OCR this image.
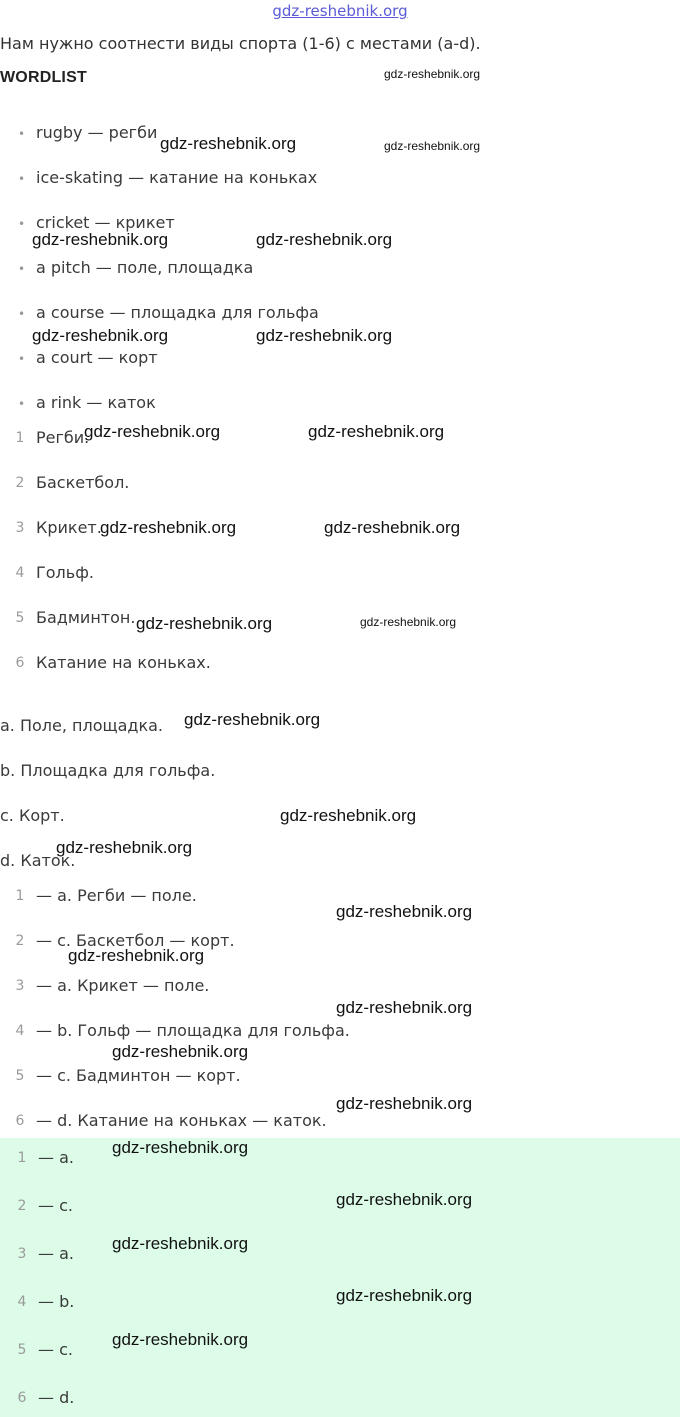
gdz-reshebnik.org
Нам нужно соотнести виды спорта (1-6) с местами (a-d).
WORDLIST
• rugby — регби
• ice-skating — катание на коньках
• cricket — крикет
• a pitch — поле, площадка
• a course — площадка для гольфа
• a court — корт
• a rink — каток
1 Регби.
2 Баскетбол.
3 Крикет.
4 Гольф.
5 Бадминтон.
6 Катание на коньках.
a. Поле, площадка.
b. Площадка для гольфа.
c. Корт.
d. Каток.
1 — a. Регби — поле.
2 — c. Баскетбол — корт.
3 — a. Крикет — поле.
4 — b. Гольф — площадка для гольфа.
5 — c. Бадминтон — корт.
6 — d. Катание на коньках — каток.
1 — a.
2 — c.
3 — a.
4 — b.
5 — c.
6 — d.
gdz-reshebnik.org
gdz-reshebnik.org	gdz-reshebnik.org
gdz-reshebnik.org	gdz-reshebnik.org
gdz-reshebnik.org	gdz-reshebnik.org
gdz-reshebnik.org	gdz-reshebnik.org
gdz-reshebnik.org	gdz-reshebnik.org
gdz-reshebnik.org	gdz-reshebnik.org
gdz-reshebnik.org
gdz-reshebnik.org
gdz-reshebnik.org
gdz-reshebnik.org
gdz-reshebnik.org
gdz-reshebnik.org
gdz-reshebnik.org
gdz-reshebnik.org
gdz-reshebnik.org
gdz-reshebnik.org
gdz-reshebnik.org
gdz-reshebnik.org
gdz-reshebnik.org
